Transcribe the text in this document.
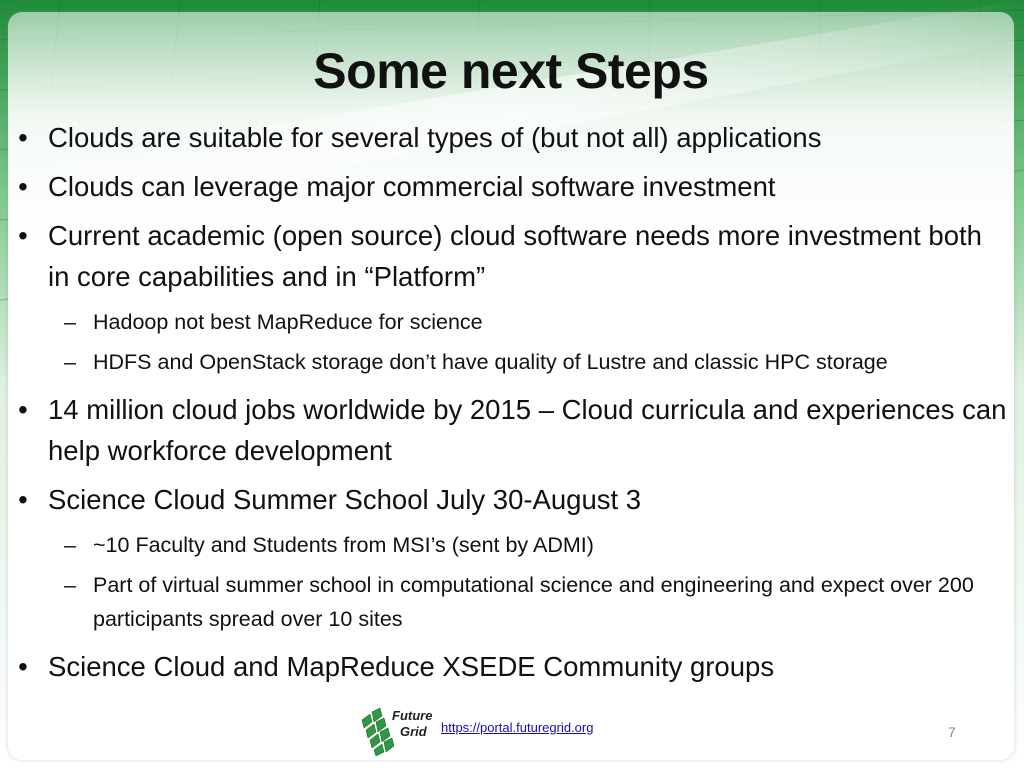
Some next Steps
• Clouds are suitable for several types of (but not all) applications
• Clouds can leverage major commercial software investment
• Current academic (open source) cloud software needs more investment both in core capabilities and in “Platform”
– Hadoop not best MapReduce for science
– HDFS and OpenStack storage don’t have quality of Lustre and classic HPC storage
• 14 million cloud jobs worldwide by 2015 – Cloud curricula and experiences can help workforce development
• Science Cloud Summer School July 30-August 3
– ~10 Faculty and Students from MSI’s (sent by ADMI)
– Part of virtual summer school in computational science and engineering and expect over 200 participants spread over 10 sites
• Science Cloud and MapReduce XSEDE Community groups
Future
Grid https://portal.futuregrid.org	7
